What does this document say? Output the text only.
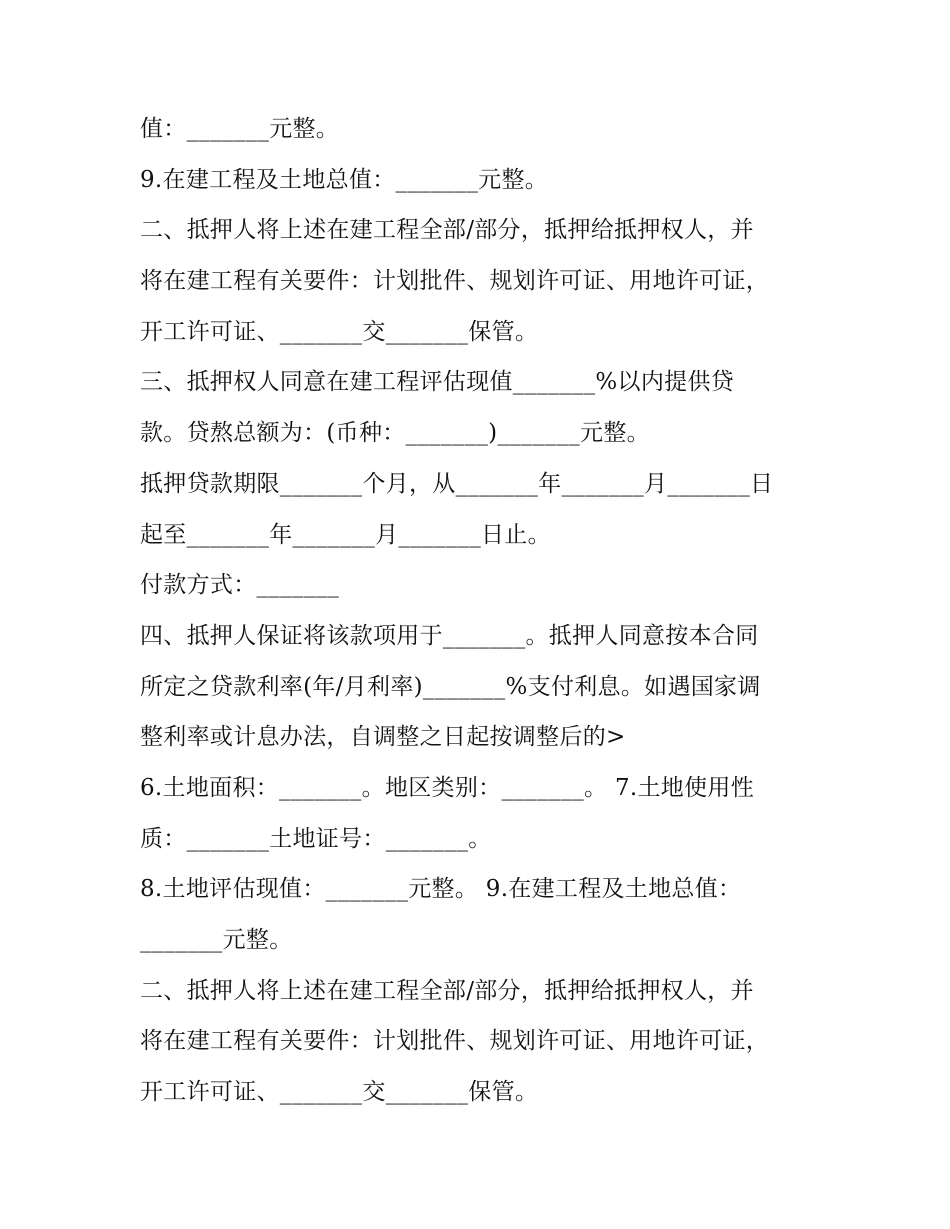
值：_______元整。
9.在建工程及土地总值：_______元整。
二、抵押人将上述在建工程全部/部分，抵押给抵押权人，并
将在建工程有关要件：计划批件、规划许可证、用地许可证，
开工许可证、_______交_______保管。
三、抵押权人同意在建工程评估现值_______%以内提供贷
款。贷熬总额为：(币种：_______)_______元整。
抵押贷款期限_______个月，从_______年_______月_______日
起至_______年_______月_______日止。
付款方式：_______
四、抵押人保证将该款项用于_______。抵押人同意按本合同
所定之贷款利率(年/月利率)_______%支付利息。如遇国家调
整利率或计息办法，自调整之日起按调整后的>
6.土地面积：_______。地区类别：_______。 7.土地使用性
质：_______土地证号：_______。
8.土地评估现值：_______元整。 9.在建工程及土地总值：
_______元整。
二、抵押人将上述在建工程全部/部分，抵押给抵押权人，并
将在建工程有关要件：计划批件、规划许可证、用地许可证，
开工许可证、_______交_______保管。
